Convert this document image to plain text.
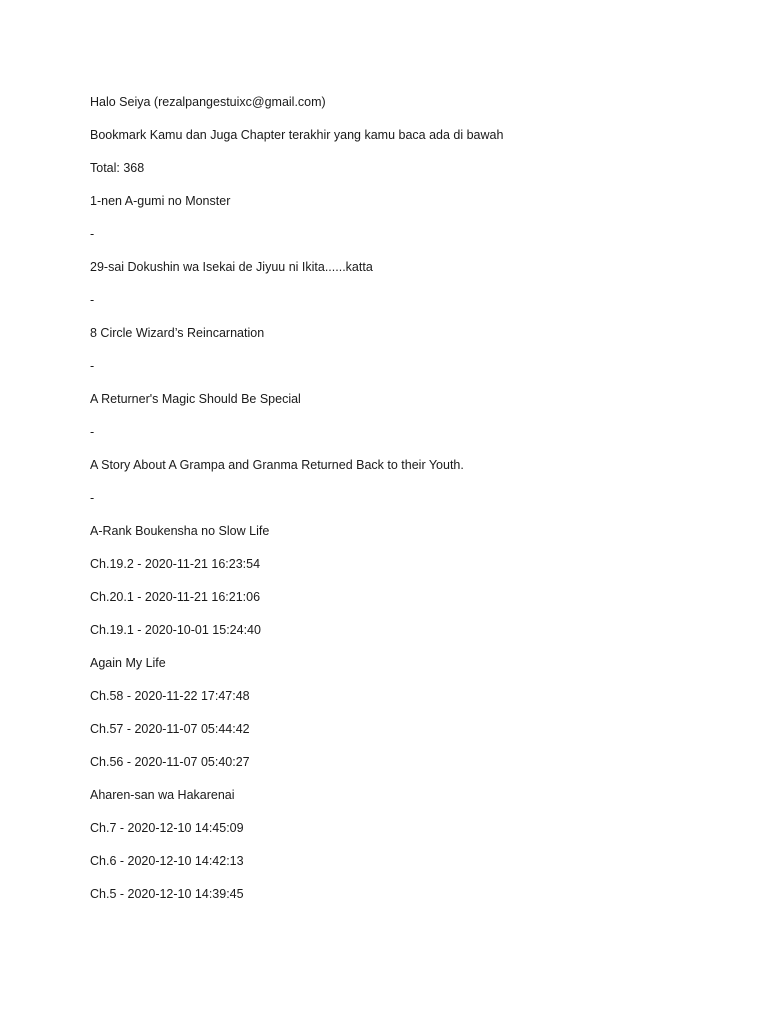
Halo Seiya (rezalpangestuixc@gmail.com)
Bookmark Kamu dan Juga Chapter terakhir yang kamu baca ada di bawah
Total: 368
1-nen A-gumi no Monster
-
29-sai Dokushin wa Isekai de Jiyuu ni Ikita......katta
-
8 Circle Wizard’s Reincarnation
-
A Returner's Magic Should Be Special
-
A Story About A Grampa and Granma Returned Back to their Youth.
-
A-Rank Boukensha no Slow Life
Ch.19.2 - 2020-11-21 16:23:54
Ch.20.1 - 2020-11-21 16:21:06
Ch.19.1 - 2020-10-01 15:24:40
Again My Life
Ch.58 - 2020-11-22 17:47:48
Ch.57 - 2020-11-07 05:44:42
Ch.56 - 2020-11-07 05:40:27
Aharen-san wa Hakarenai
Ch.7 - 2020-12-10 14:45:09
Ch.6 - 2020-12-10 14:42:13
Ch.5 - 2020-12-10 14:39:45
